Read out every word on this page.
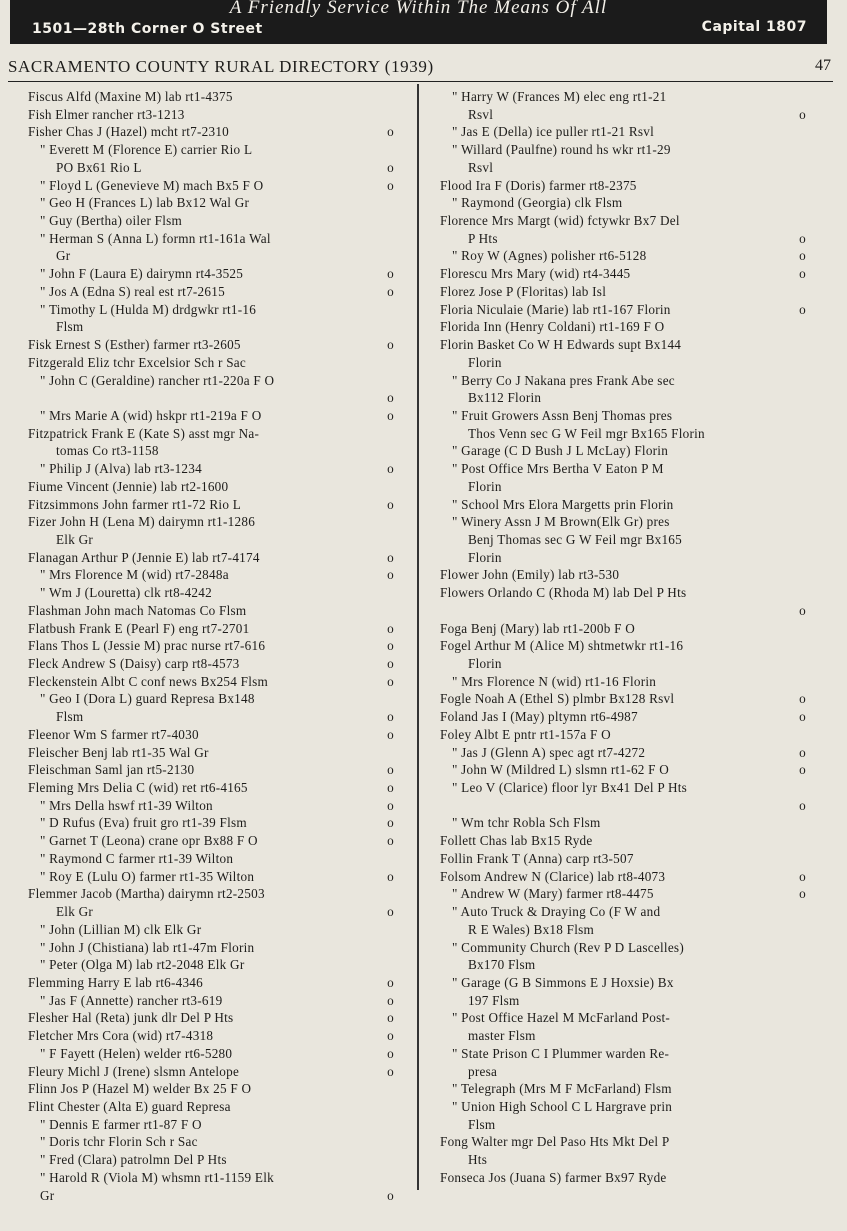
A Friendly Service Within The Means Of All
1501—28th Corner O Street	Capital 1807
SACRAMENTO COUNTY RURAL DIRECTORY (1939)	47
Fiscus Alfd (Maxine M) lab rt1-4375
Fish Elmer rancher rt3-1213
Fisher Chas J (Hazel) mcht rt7-2310	o
" Everett M (Florence E) carrier Rio L
PO Bx61 Rio L	o
" Floyd L (Genevieve M) mach Bx5 F O	o
" Geo H (Frances L) lab Bx12 Wal Gr
" Guy (Bertha) oiler Flsm
" Herman S (Anna L) formn rt1-161a Wal
Gr
" John F (Laura E) dairymn rt4-3525	o
" Jos A (Edna S) real est rt7-2615	o
" Timothy L (Hulda M) drdgwkr rt1-16
Flsm
Fisk Ernest S (Esther) farmer rt3-2605	o
Fitzgerald Eliz tchr Excelsior Sch r Sac
" John C (Geraldine) rancher rt1-220a F O
o
" Mrs Marie A (wid) hskpr rt1-219a F O	o
Fitzpatrick Frank E (Kate S) asst mgr Na-
tomas Co rt3-1158
" Philip J (Alva) lab rt3-1234	o
Fiume Vincent (Jennie) lab rt2-1600
Fitzsimmons John farmer rt1-72 Rio L	o
Fizer John H (Lena M) dairymn rt1-1286
Elk Gr
Flanagan Arthur P (Jennie E) lab rt7-4174	o
" Mrs Florence M (wid) rt7-2848a	o
" Wm J (Louretta) clk rt8-4242
Flashman John mach Natomas Co Flsm
Flatbush Frank E (Pearl F) eng rt7-2701	o
Flans Thos L (Jessie M) prac nurse rt7-616	o
Fleck Andrew S (Daisy) carp rt8-4573	o
Fleckenstein Albt C conf news Bx254 Flsm	o
" Geo I (Dora L) guard Represa Bx148
Flsm	o
Fleenor Wm S farmer rt7-4030	o
Fleischer Benj lab rt1-35 Wal Gr
Fleischman Saml jan rt5-2130	o
Fleming Mrs Delia C (wid) ret rt6-4165	o
" Mrs Della hswf rt1-39 Wilton	o
" D Rufus (Eva) fruit gro rt1-39 Flsm	o
" Garnet T (Leona) crane opr Bx88 F O	o
" Raymond C farmer rt1-39 Wilton
" Roy E (Lulu O) farmer rt1-35 Wilton	o
Flemmer Jacob (Martha) dairymn rt2-2503
Elk Gr	o
" John (Lillian M) clk Elk Gr
" John J (Chistiana) lab rt1-47m Florin
" Peter (Olga M) lab rt2-2048 Elk Gr
Flemming Harry E lab rt6-4346	o
" Jas F (Annette) rancher rt3-619	o
Flesher Hal (Reta) junk dlr Del P Hts	o
Fletcher Mrs Cora (wid) rt7-4318	o
" F Fayett (Helen) welder rt6-5280	o
Fleury Michl J (Irene) slsmn Antelope	o
Flinn Jos P (Hazel M) welder Bx 25 F O
Flint Chester (Alta E) guard Represa
" Dennis E farmer rt1-87 F O
" Doris tchr Florin Sch r Sac
" Fred (Clara) patrolmn Del P Hts
" Harold R (Viola M) whsmn rt1-1159 Elk
Gr	o
" Harry W (Frances M) elec eng rt1-21
Rsvl	o
" Jas E (Della) ice puller rt1-21 Rsvl
" Willard (Paulfne) round hs wkr rt1-29
Rsvl
Flood Ira F (Doris) farmer rt8-2375
" Raymond (Georgia) clk Flsm
Florence Mrs Margt (wid) fctywkr Bx7 Del
P Hts	o
" Roy W (Agnes) polisher rt6-5128	o
Florescu Mrs Mary (wid) rt4-3445	o
Florez Jose P (Floritas) lab Isl
Floria Niculaie (Marie) lab rt1-167 Florin	o
Florida Inn (Henry Coldani) rt1-169 F O
Florin Basket Co W H Edwards supt Bx144
Florin
" Berry Co J Nakana pres Frank Abe sec
Bx112 Florin
" Fruit Growers Assn Benj Thomas pres
Thos Venn sec G W Feil mgr Bx165 Florin
" Garage (C D Bush J L McLay) Florin
" Post Office Mrs Bertha V Eaton P M
Florin
" School Mrs Elora Margetts prin Florin
" Winery Assn J M Brown(Elk Gr) pres
Benj Thomas sec G W Feil mgr Bx165
Florin
Flower John (Emily) lab rt3-530
Flowers Orlando C (Rhoda M) lab Del P Hts
o
Foga Benj (Mary) lab rt1-200b F O
Fogel Arthur M (Alice M) shtmetwkr rt1-16
Florin
" Mrs Florence N (wid) rt1-16 Florin
Fogle Noah A (Ethel S) plmbr Bx128 Rsvl	o
Foland Jas I (May) pltymn rt6-4987	o
Foley Albt E pntr rt1-157a F O
" Jas J (Glenn A) spec agt rt7-4272	o
" John W (Mildred L) slsmn rt1-62 F O	o
" Leo V (Clarice) floor lyr Bx41 Del P Hts
o
" Wm tchr Robla Sch Flsm
Follett Chas lab Bx15 Ryde
Follin Frank T (Anna) carp rt3-507
Folsom Andrew N (Clarice) lab rt8-4073	o
" Andrew W (Mary) farmer rt8-4475	o
" Auto Truck & Draying Co (F W and
R E Wales) Bx18 Flsm
" Community Church (Rev P D Lascelles)
Bx170 Flsm
" Garage (G B Simmons E J Hoxsie) Bx
197 Flsm
" Post Office Hazel M McFarland Post-
master Flsm
" State Prison C I Plummer warden Re-
presa
" Telegraph (Mrs M F McFarland) Flsm
" Union High School C L Hargrave prin
Flsm
Fong Walter mgr Del Paso Hts Mkt Del P
Hts
Fonseca Jos (Juana S) farmer Bx97 Ryde
